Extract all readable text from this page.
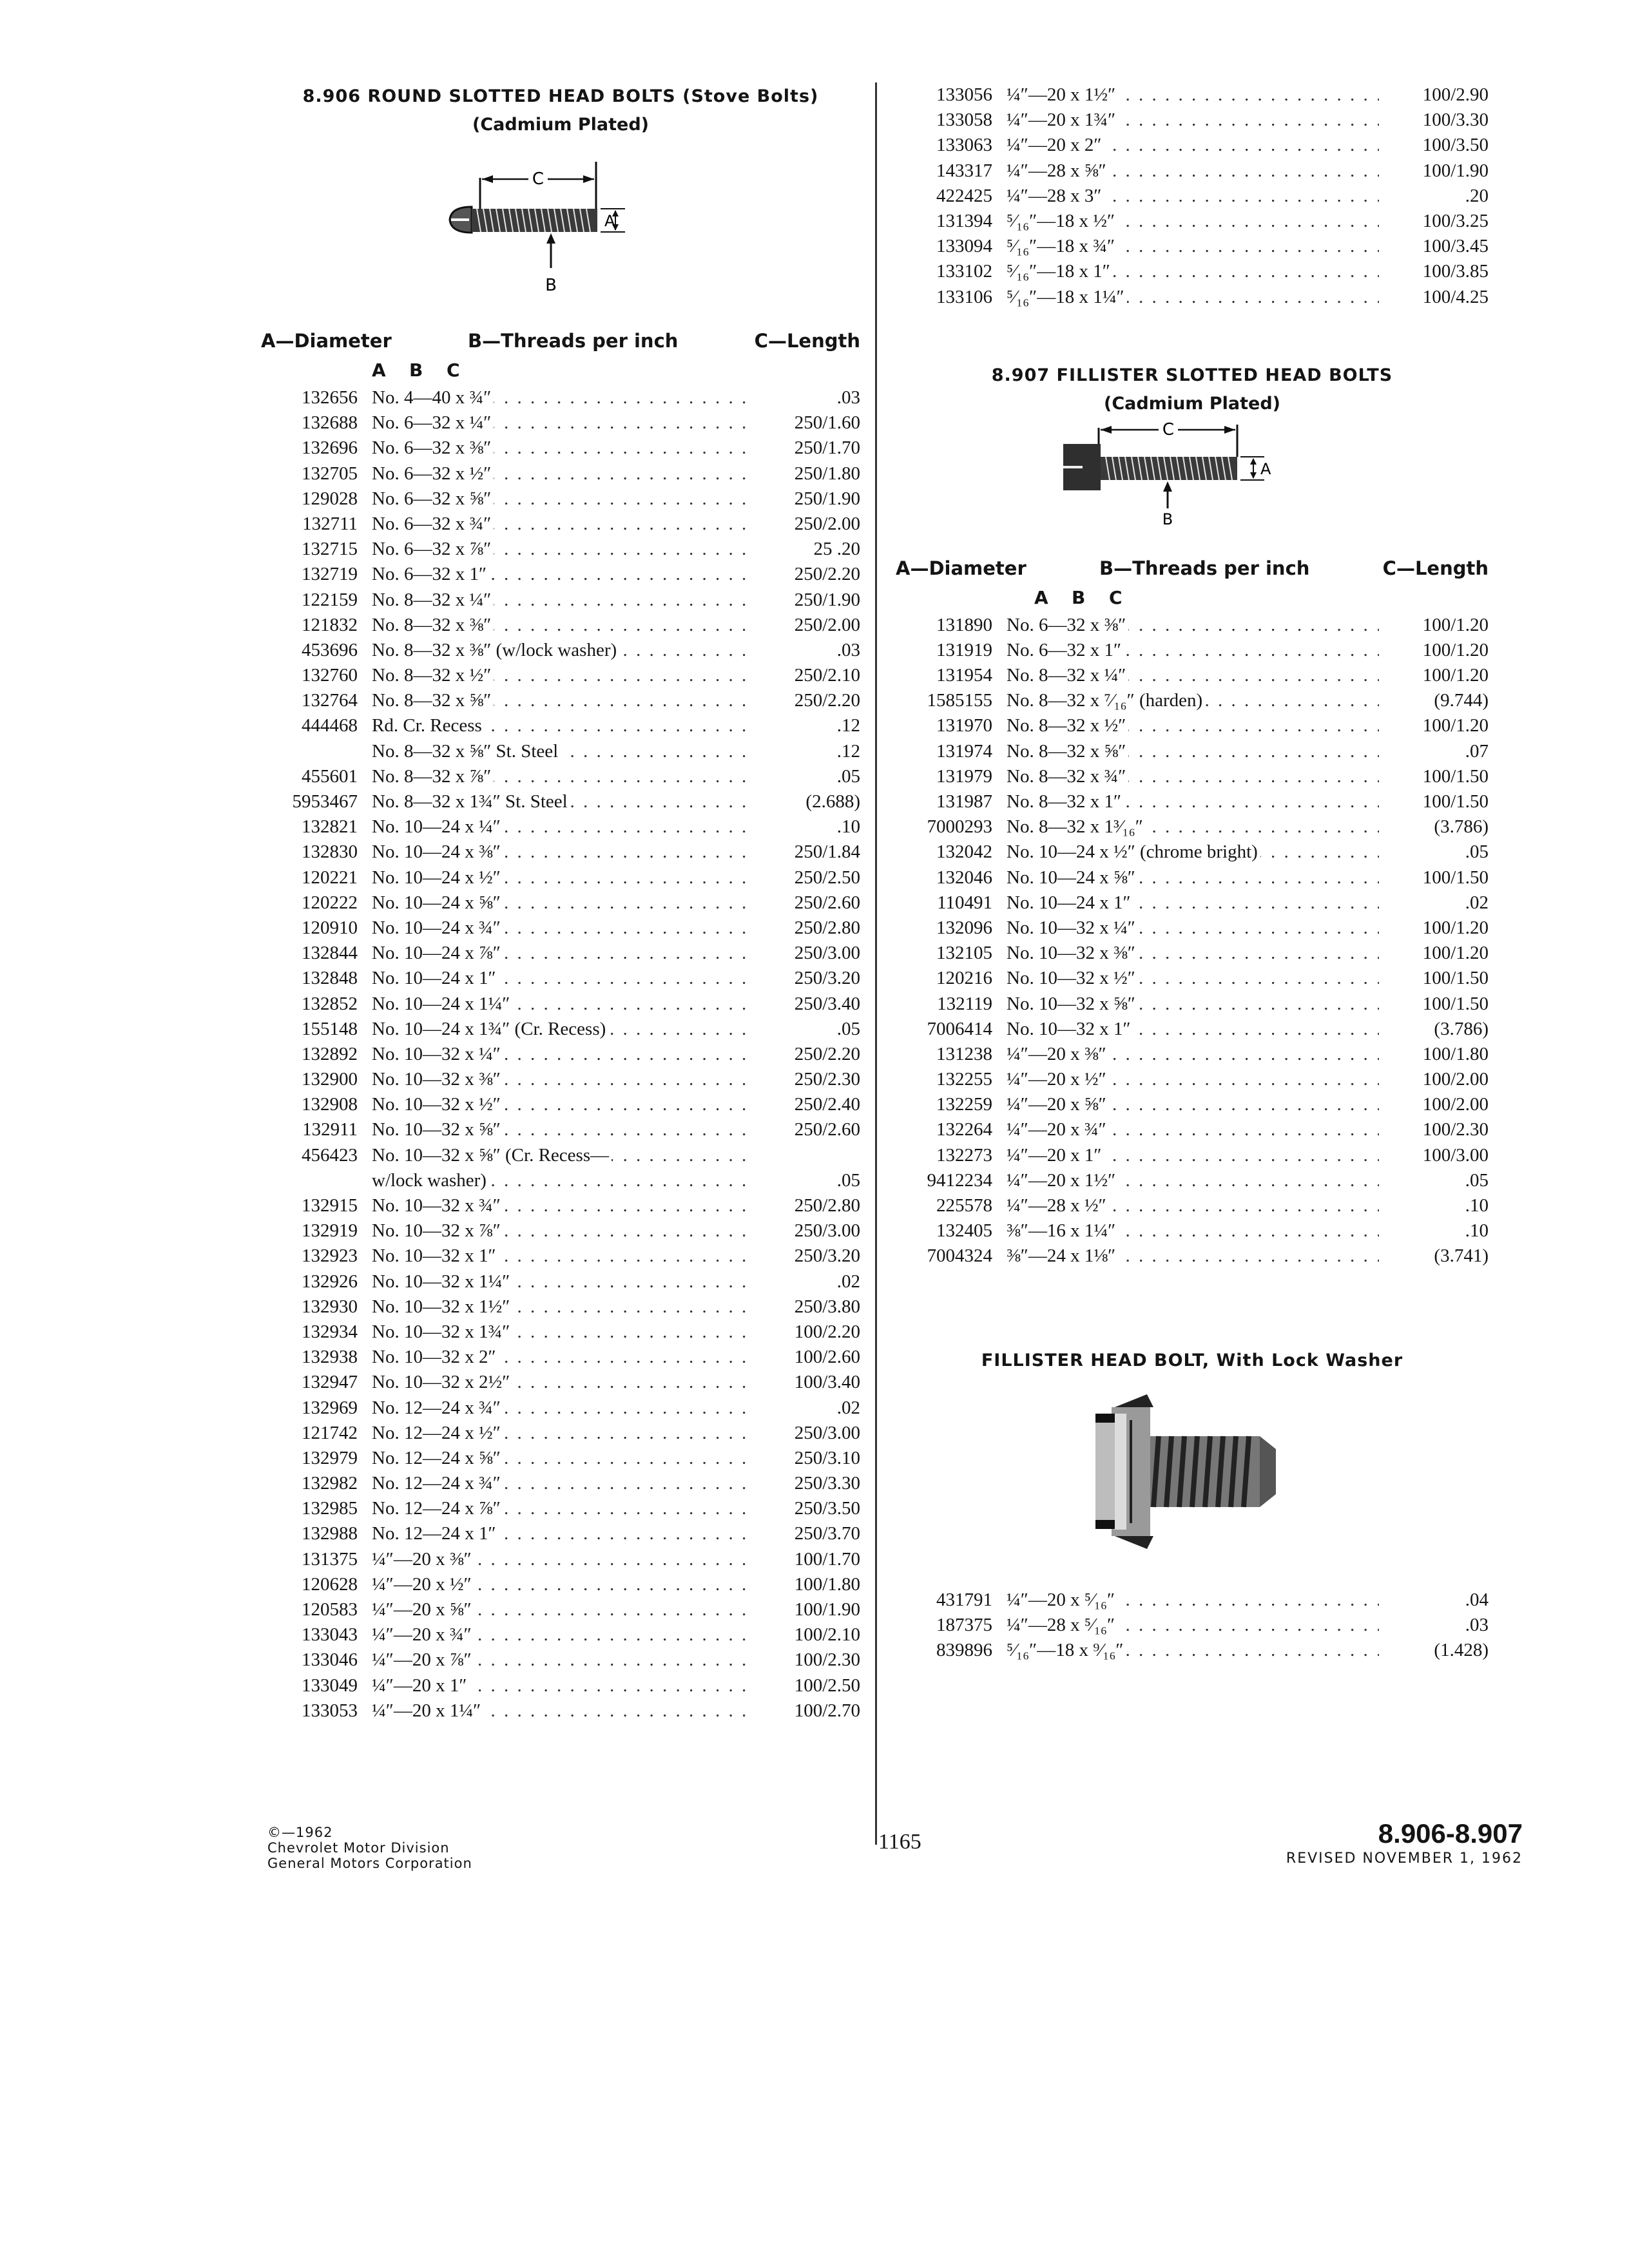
8.906 ROUND SLOTTED HEAD BOLTS (Stove Bolts)
(Cadmium Plated)
C
A
B
A—Diameter	B—Threads per inch	C—Length
A B C
132656 No. 4—40 x ¾″ . . .	.03
132688 No. 6—32 x ¼″ . . .	250/1.60
132696 No. 6—32 x ⅜″ . . .	250/1.70
132705 No. 6—32 x ½″ . . .	250/1.80
129028 No. 6—32 x ⅝″ . . .	250/1.90
132711 No. 6—32 x ¾″ . . .	250/2.00
132715 No. 6—32 x ⅞″ . . .	25 .20
132719 No. 6—32 x 1″ . . .	250/2.20
122159 No. 8—32 x ¼″ . . .	250/1.90
121832 No. 8—32 x ⅜″ . . .	250/2.00
453696 No. 8—32 x ⅜″ (w/lock washer) . . .	.03
132760 No. 8—32 x ½″ . . .	250/2.10
132764 No. 8—32 x ⅝″ . . .	250/2.20
444468 Rd. Cr. Recess . . .	.12
No. 8—32 x ⅝″ St. Steel . . .	.12
455601 No. 8—32 x ⅞″ . . .	.05
5953467 No. 8—32 x 1¾″ St. Steel . . .	(2.688)
132821 No. 10—24 x ¼″ . . .	.10
132830 No. 10—24 x ⅜″ . . .	250/1.84
120221 No. 10—24 x ½″ . . .	250/2.50
120222 No. 10—24 x ⅝″ . . .	250/2.60
120910 No. 10—24 x ¾″ . . .	250/2.80
132844 No. 10—24 x ⅞″ . . .	250/3.00
132848 No. 10—24 x 1″ . . .	250/3.20
132852 No. 10—24 x 1¼″ . . .	250/3.40
155148 No. 10—24 x 1¾″ (Cr. Recess) . . .	.05
132892 No. 10—32 x ¼″ . . .	250/2.20
132900 No. 10—32 x ⅜″ . . .	250/2.30
132908 No. 10—32 x ½″ . . .	250/2.40
132911 No. 10—32 x ⅝″ . . .	250/2.60
456423 No. 10—32 x ⅝″ (Cr. Recess— . . .
w/lock washer) . . .	.05
132915 No. 10—32 x ¾″ . . .	250/2.80
132919 No. 10—32 x ⅞″ . . .	250/3.00
132923 No. 10—32 x 1″ . . .	250/3.20
132926 No. 10—32 x 1¼″ . . .	.02
132930 No. 10—32 x 1½″ . . .	250/3.80
132934 No. 10—32 x 1¾″ . . .	100/2.20
132938 No. 10—32 x 2″ . . .	100/2.60
132947 No. 10—32 x 2½″ . . .	100/3.40
132969 No. 12—24 x ¾″ . . .	.02
121742 No. 12—24 x ½″ . . .	250/3.00
132979 No. 12—24 x ⅝″ . . .	250/3.10
132982 No. 12—24 x ¾″ . . .	250/3.30
132985 No. 12—24 x ⅞″ . . .	250/3.50
132988 No. 12—24 x 1″ . . .	250/3.70
131375 ¼″—20 x ⅜″ . . .	100/1.70
120628 ¼″—20 x ½″ . . .	100/1.80
120583 ¼″—20 x ⅝″ . . .	100/1.90
133043 ¼″—20 x ¾″ . . .	100/2.10
133046 ¼″—20 x ⅞″ . . .	100/2.30
133049 ¼″—20 x 1″ . . .	100/2.50
133053 ¼″—20 x 1¼″ . . .	100/2.70
133056 ¼″—20 x 1½″ . . .	100/2.90
133058 ¼″—20 x 1¾″ . . .	100/3.30
133063 ¼″—20 x 2″ . . .	100/3.50
143317 ¼″—28 x ⅝″ . . .	100/1.90
422425 ¼″—28 x 3″ . . .	.20
131394 ⁵⁄₁₆″—18 x ½″ . . .	100/3.25
133094 ⁵⁄₁₆″—18 x ¾″ . . .	100/3.45
133102 ⁵⁄₁₆″—18 x 1″ . . .	100/3.85
133106 ⁵⁄₁₆″—18 x 1¼″ . . .	100/4.25
8.907 FILLISTER SLOTTED HEAD BOLTS
(Cadmium Plated)
C
A
B
A—Diameter	B—Threads per inch	C—Length
A B C
131890 No. 6—32 x ⅜″ . . .	100/1.20
131919 No. 6—32 x 1″ . . .	100/1.20
131954 No. 8—32 x ¼″ . . .	100/1.20
1585155 No. 8—32 x ⁷⁄₁₆″ (harden) . . .	(9.744)
131970 No. 8—32 x ½″ . . .	100/1.20
131974 No. 8—32 x ⅝″ . . .	.07
131979 No. 8—32 x ¾″ . . .	100/1.50
131987 No. 8—32 x 1″ . . .	100/1.50
7000293 No. 8—32 x 1³⁄₁₆″ . . .	(3.786)
132042 No. 10—24 x ½″ (chrome bright) . . .	.05
132046 No. 10—24 x ⅝″ . . .	100/1.50
110491 No. 10—24 x 1″ . . .	.02
132096 No. 10—32 x ¼″ . . .	100/1.20
132105 No. 10—32 x ⅜″ . . .	100/1.20
120216 No. 10—32 x ½″ . . .	100/1.50
132119 No. 10—32 x ⅝″ . . .	100/1.50
7006414 No. 10—32 x 1″ . . .	(3.786)
131238 ¼″—20 x ⅜″ . . .	100/1.80
132255 ¼″—20 x ½″ . . .	100/2.00
132259 ¼″—20 x ⅝″ . . .	100/2.00
132264 ¼″—20 x ¾″ . . .	100/2.30
132273 ¼″—20 x 1″ . . .	100/3.00
9412234 ¼″—20 x 1½″ . . .	.05
225578 ¼″—28 x ½″ . . .	.10
132405 ⅜″—16 x 1¼″ . . .	.10
7004324 ⅜″—24 x 1⅛″ . . .	(3.741)
FILLISTER HEAD BOLT, With Lock Washer
431791 ¼″—20 x ⁵⁄₁₆″ . . .	.04
187375 ¼″—28 x ⁵⁄₁₆″ . . .	.03
839896 ⁵⁄₁₆″—18 x ⁹⁄₁₆″ . . .	(1.428)
©—1962
Chevrolet Motor Division
General Motors Corporation
1165	8.906-8.907
REVISED NOVEMBER 1, 1962
